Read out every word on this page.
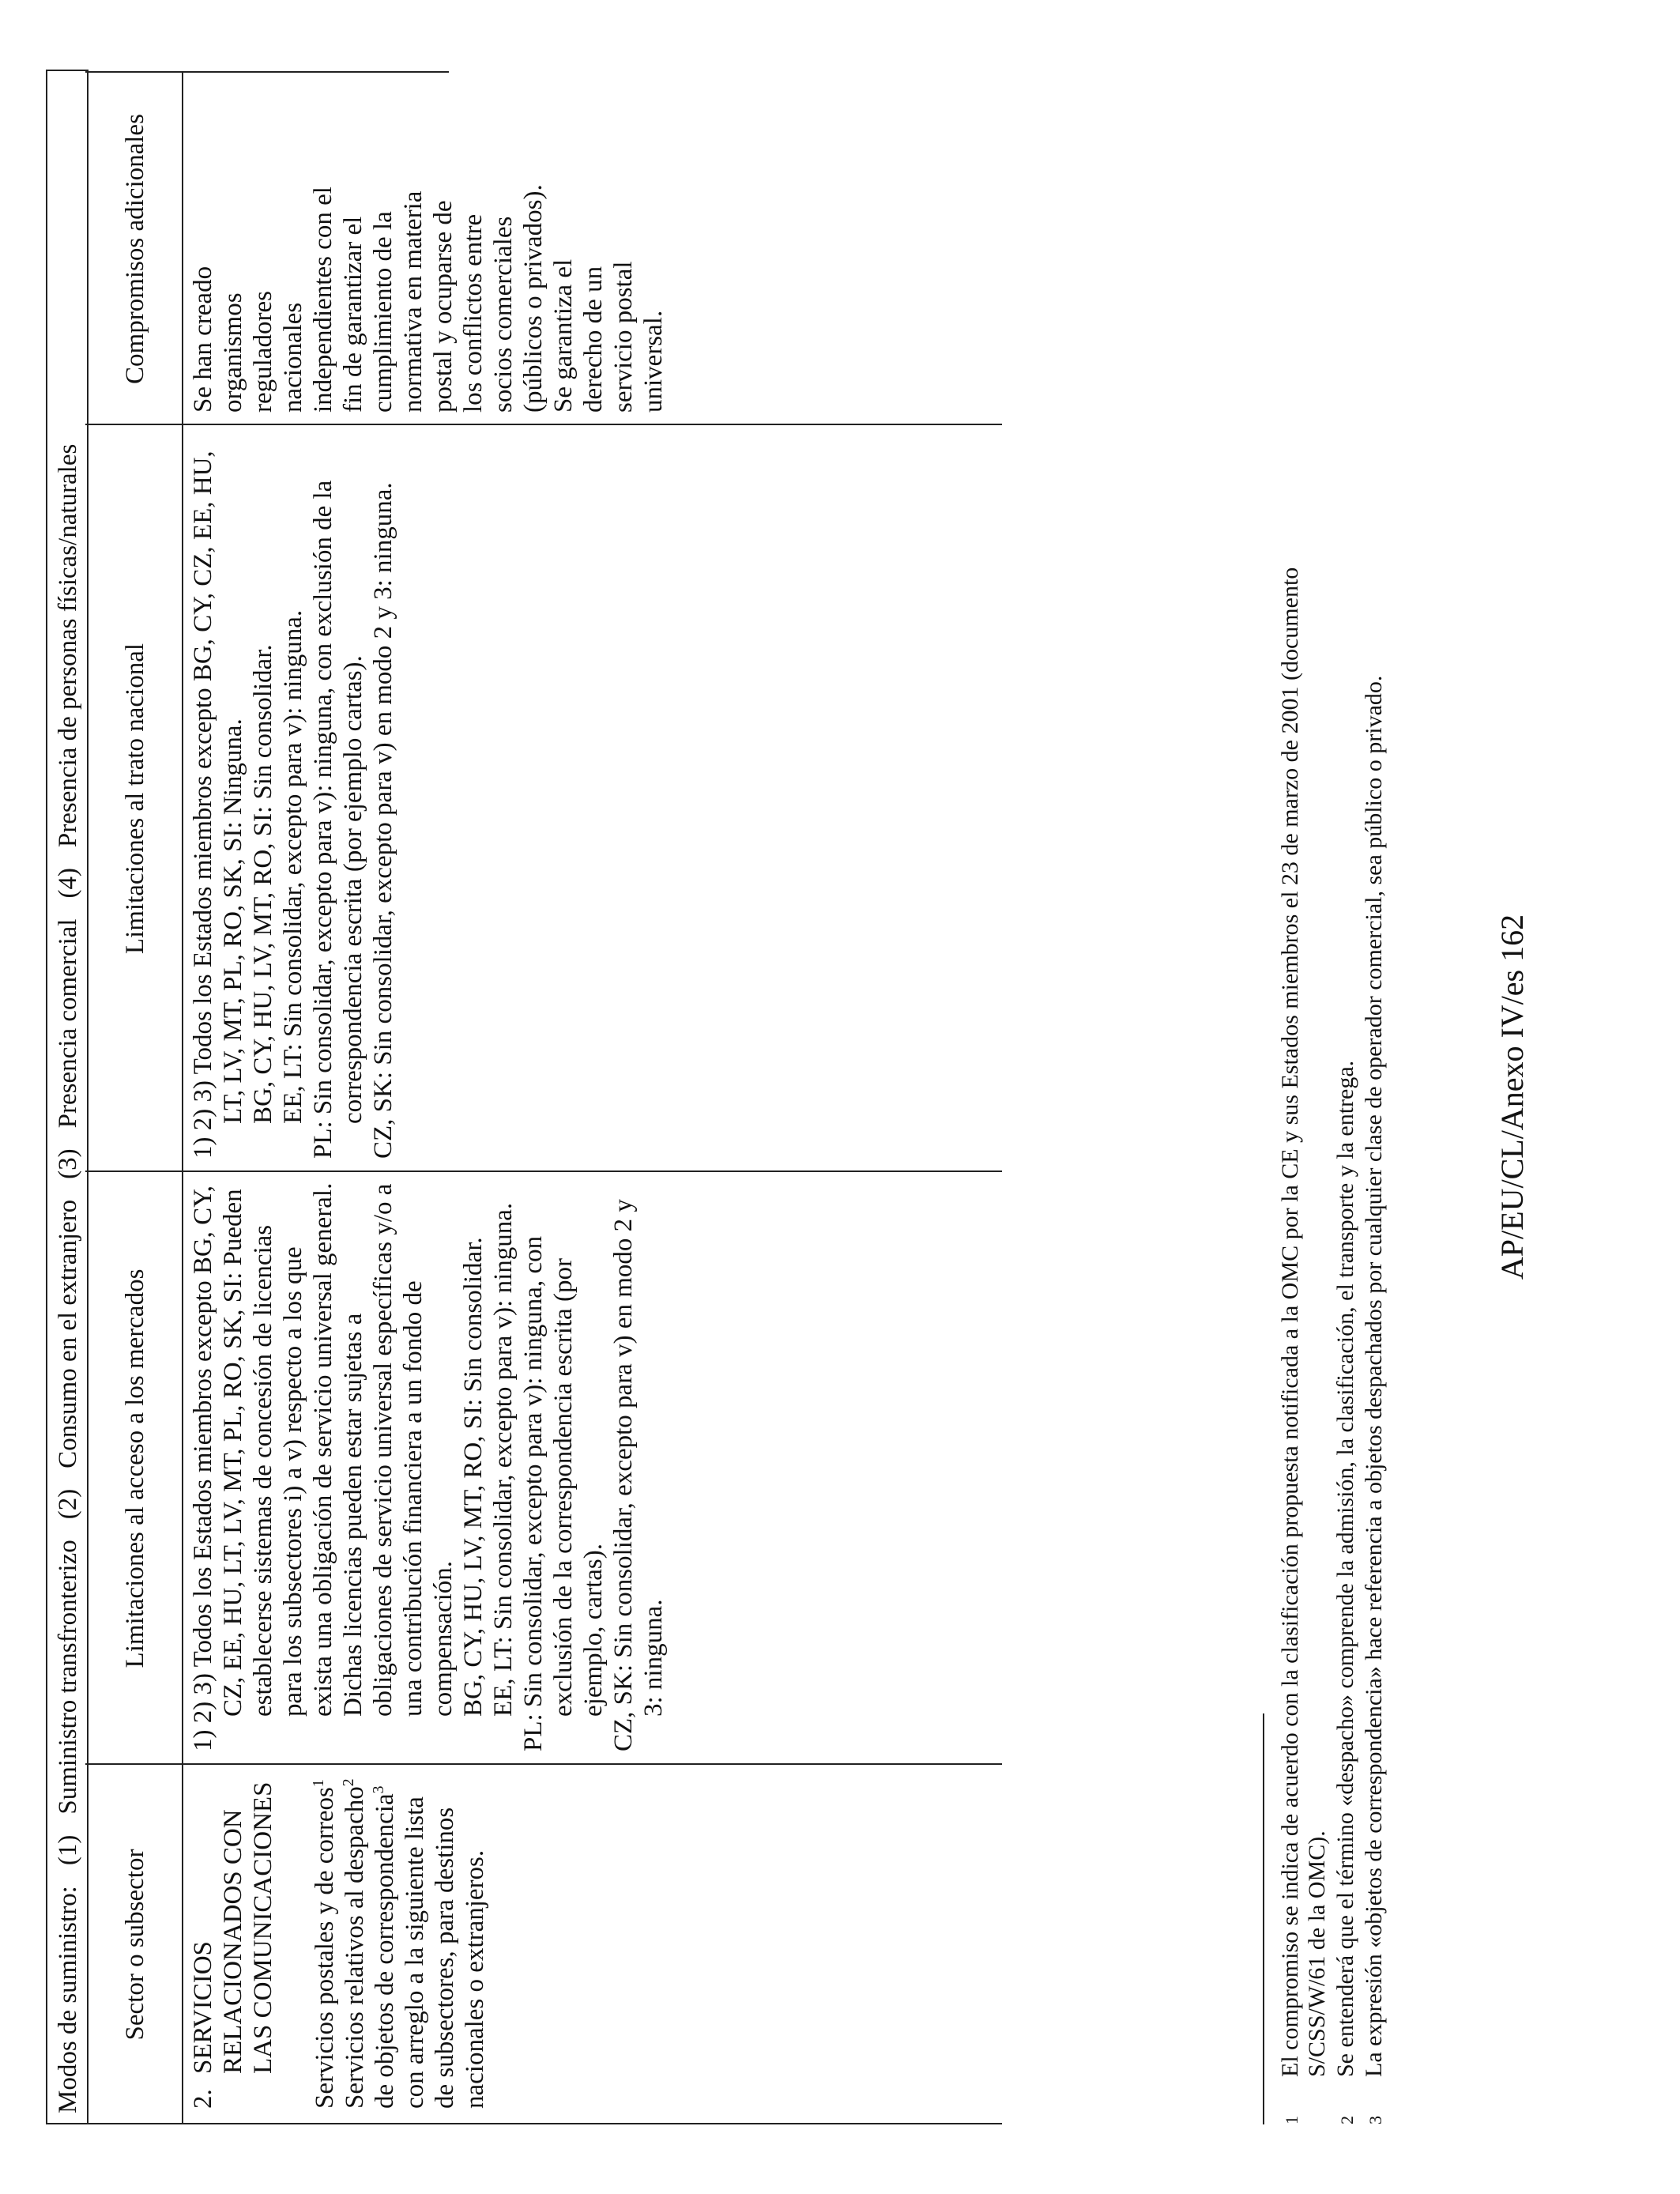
Modos de suministro:
(1)
Suministro transfronterizo
(2)
Consumo en el extranjero
(3)
Presencia comercial
(4)
Presencia de personas físicas/naturales
Sector o subsector
Limitaciones al acceso a los mercados
Limitaciones al trato nacional
Compromisos adicionales
2.
SERVICIOS RELACIONADOS CON LAS COMUNICACIONES Servicios postales y de correos$^1$

Servicios relativos al despacho$^2$ de objetos de correspondencia$^3$ con arreglo a la siguiente lista de subsectores, para destinos nacionales o extranjeros.

1) 2) 3) Todos los Estados miembros excepto BG, CY, CZ, EE, HU, LT, LV, MT, PL, RO, SK, SI: Pueden establecerse sistemas de concesión de licencias para los subsectores i) a v) respecto a los que exista una obligación de servicio universal general. Dichas licencias pueden estar sujetas a obligaciones de servicio universal específicas y/o a una contribución financiera a un fondo de compensación. BG, CY, HU, LV, MT, RO, SI: Sin consolidar. EE, LT: Sin consolidar, excepto para v): ninguna. PL: Sin consolidar, excepto para v): ninguna, con exclusión de la correspondencia escrita (por ejemplo, cartas). CZ, SK: Sin consolidar, excepto para v) en modo 2 y 3: ninguna.

1) 2) 3) Todos los Estados miembros excepto BG, CY, CZ, EE, HU, LT, LV, MT, PL, RO, SK, SI: Ninguna. BG, CY, HU, LV, MT, RO, SI: Sin consolidar. EE, LT: Sin consolidar, excepto para v): ninguna. PL: Sin consolidar, excepto para v): ninguna, con exclusión de la correspondencia escrita (por ejemplo cartas). CZ, SK: Sin consolidar, excepto para v) en modo 2 y 3: ninguna.

Se han creado organismos reguladores nacionales independientes con el fin de garantizar el cumplimiento de la normativa en materia postal y ocuparse de los conflictos entre socios comerciales (públicos o privados). Se garantiza el derecho de un servicio postal universal.

1
El compromiso se indica de acuerdo con la clasificación propuesta notificada a la OMC por la CE y sus Estados miembros el 23 de marzo de 2001 (documento S/CSS/W/61 de la OMC).
2
Se entenderá que el término «despacho» comprende la admisión, la clasificación, el transporte y la entrega.
3
La expresión «objetos de correspondencia» hace referencia a objetos despachados por cualquier clase de operador comercial, sea público o privado.	AP/EU/CL/Anexo IV/es 162
